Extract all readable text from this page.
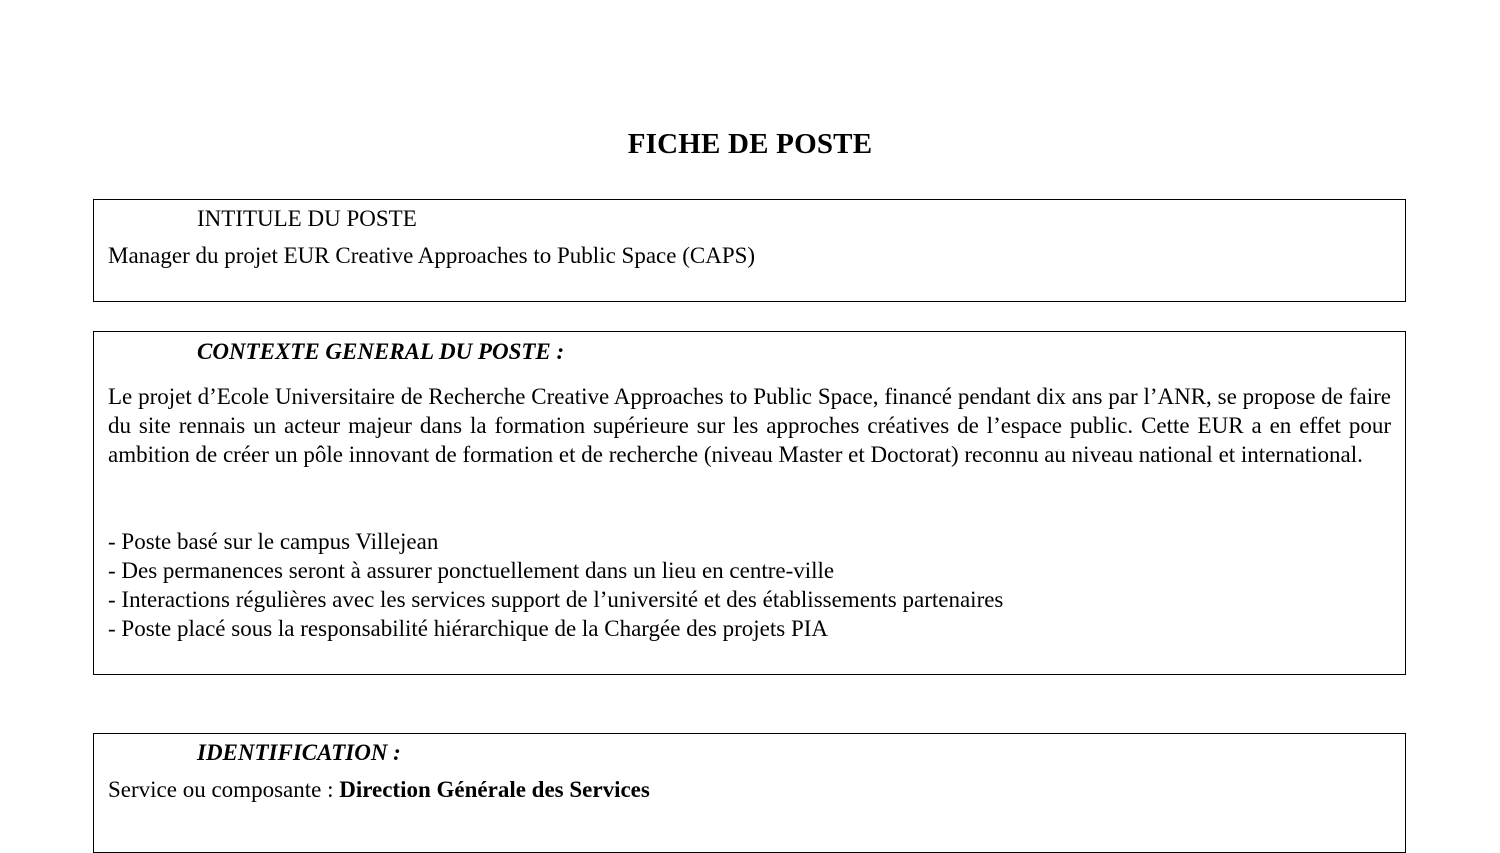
FICHE DE POSTE
INTITULE DU POSTE

Manager du projet EUR Creative Approaches to Public Space (CAPS)

CONTEXTE GENERAL DU POSTE :

Le projet d’Ecole Universitaire de Recherche Creative Approaches to Public Space, financé pendant dix ans par l’ANR, se propose de faire du site rennais un acteur majeur dans la formation supérieure sur les approches créatives de l’espace public. Cette EUR a en effet pour ambition de créer un pôle innovant de formation et de recherche (niveau Master et Doctorat) reconnu au niveau national et international.

- Poste basé sur le campus Villejean
- Des permanences seront à assurer ponctuellement dans un lieu en centre-ville
- Interactions régulières avec les services support de l’université et des établissements partenaires
- Poste placé sous la responsabilité hiérarchique de la Chargée des projets PIA
IDENTIFICATION :

Service ou composante : Direction Générale des Services
